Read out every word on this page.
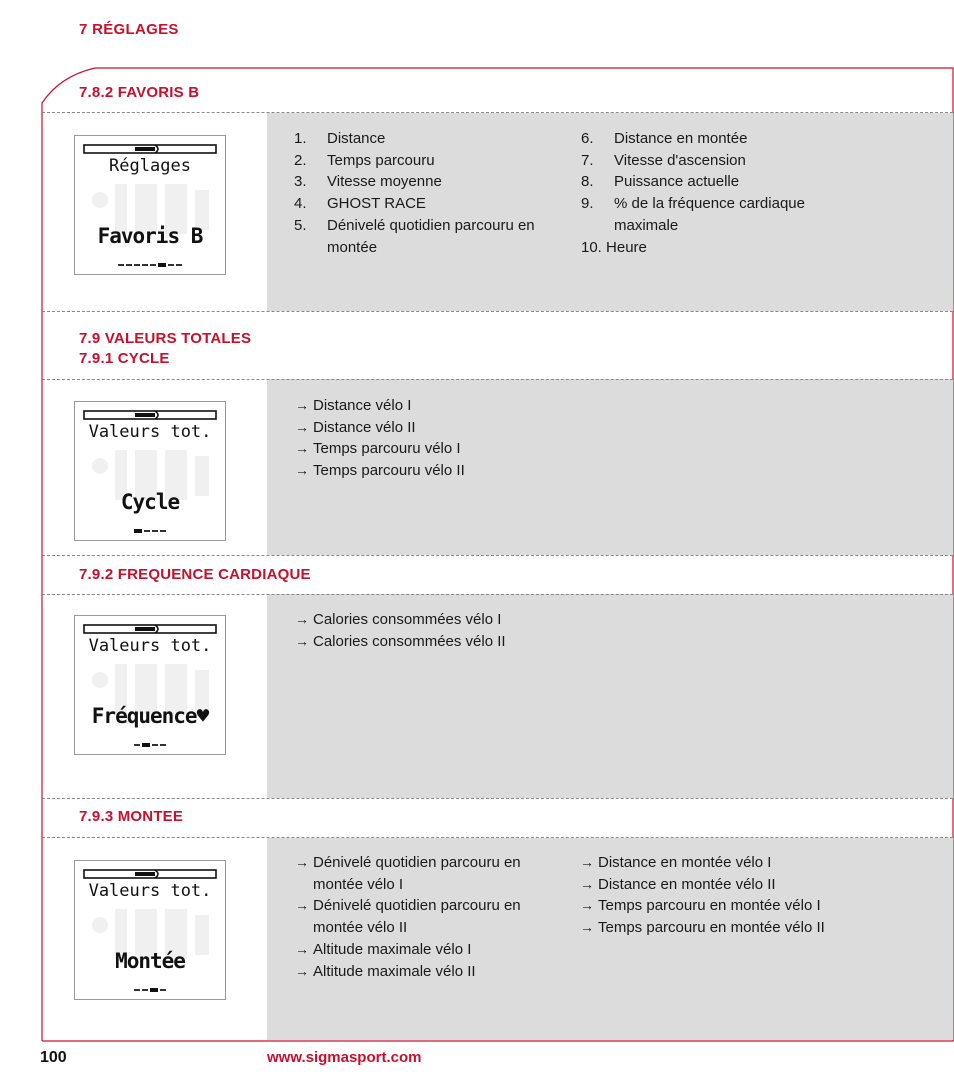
7 RÉGLAGES
7.8.2 FAVORIS B
7.9 VALEURS TOTALES
7.9.1 CYCLE
7.9.2 FREQUENCE CARDIAQUE
7.9.3 MONTEE
Réglages
Favoris B
Valeurs tot.
Cycle
Valeurs tot.
Fréquence♥
Valeurs tot.
Montée
1. Distance
2. Temps parcouru
3. Vitesse moyenne
4. GHOST RACE
5. Dénivelé quotidien parcouru en montée
6. Distance en montée
7. Vitesse d'ascension
8. Puissance actuelle
9. % de la fréquence cardiaque maximale
10. Heure
→ Distance vélo I
→ Distance vélo II
→ Temps parcouru vélo I
→ Temps parcouru vélo II
→ Calories consommées vélo I
→ Calories consommées vélo II
→ Dénivelé quotidien parcouru en montée vélo I
→ Dénivelé quotidien parcouru en montée vélo II
→ Altitude maximale vélo I
→ Altitude maximale vélo II
→ Distance en montée vélo I
→ Distance en montée vélo II
→ Temps parcouru en montée vélo I
→ Temps parcouru en montée vélo II
100	www.sigmasport.com
